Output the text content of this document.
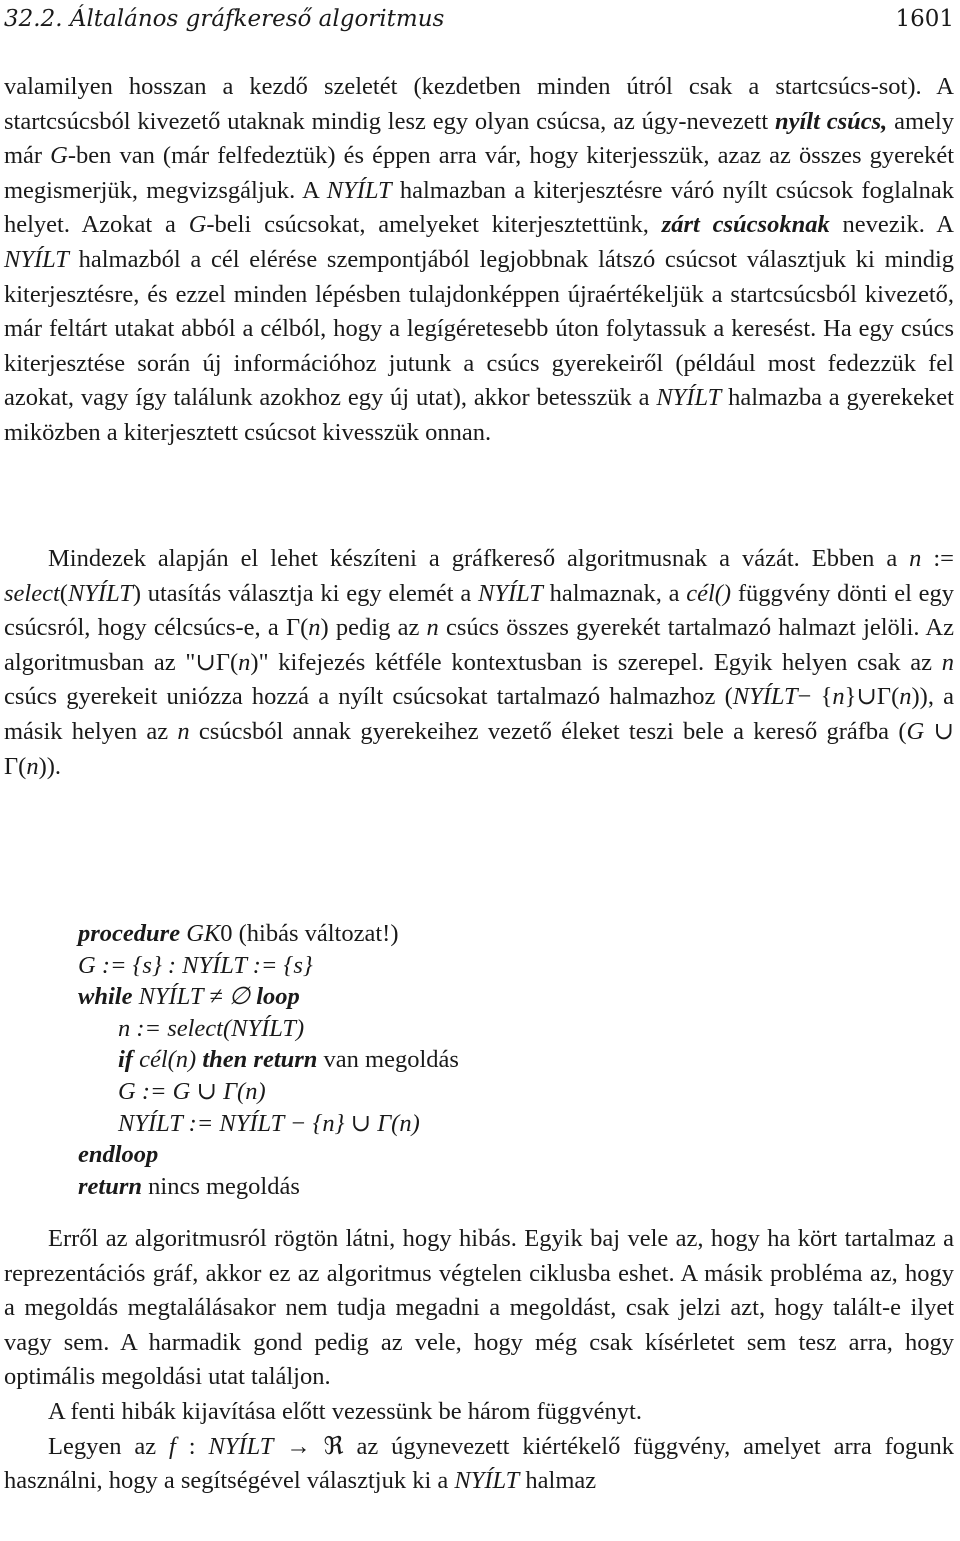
32.2. Általános gráfkereső algoritmus	1601

valamilyen hosszan a kezdő szeletét (kezdetben minden útról csak a startcsúcs-sot). A startcsúcsból kivezető utaknak mindig lesz egy olyan csúcsa, az úgy-nevezett nyílt csúcs, amely már G-ben van (már felfedeztük) és éppen arra vár, hogy kiterjesszük, azaz az összes gyerekét megismerjük, megvizsgáljuk. A NYÍLT halmazban a kiterjesztésre váró nyílt csúcsok foglalnak helyet. Azokat a G-beli csúcsokat, amelyeket kiterjesztettünk, zárt csúcsoknak nevezik. A NYÍLT halmazból a cél elérése szempontjából legjobbnak látszó csúcsot választjuk ki mindig kiterjesztésre, és ezzel minden lépésben tulajdonképpen újraértékeljük a startcsúcsból kivezető, már feltárt utakat abból a célból, hogy a legígéretesebb úton folytassuk a keresést. Ha egy csúcs kiterjesztése során új információhoz jutunk a csúcs gyerekeiről (például most fedezzük fel azokat, vagy így találunk azokhoz egy új utat), akkor betesszük a NYÍLT halmazba a gyerekeket miközben a kiterjesztett csúcsot kivesszük onnan.

Mindezek alapján el lehet készíteni a gráfkereső algoritmusnak a vázát. Ebben a n := select(NYÍLT) utasítás választja ki egy elemét a NYÍLT halmaznak, a cél() függvény dönti el egy csúcsról, hogy célcsúcs-e, a Γ(n) pedig az n csúcs összes gyerekét tartalmazó halmazt jelöli. Az algoritmusban az "∪Γ(n)" kifejezés kétféle kontextusban is szerepel. Egyik helyen csak az n csúcs gyerekeit uniózza hozzá a nyílt csúcsokat tartalmazó halmazhoz (NYÍLT− {n}∪Γ(n)), a másik helyen az n csúcsból annak gyerekeihez vezető éleket teszi bele a kereső gráfba (G ∪ Γ(n)).

procedure GK0 (hibás változat!)
G := {s} : NYÍLT := {s}
while NYÍLT ≠ ∅ loop
n := select(NYÍLT)
if cél(n) then return van megoldás
G := G ∪ Γ(n)
NYÍLT := NYÍLT − {n} ∪ Γ(n)
endloop
return nincs megoldás

Erről az algoritmusról rögtön látni, hogy hibás. Egyik baj vele az, hogy ha kört tartalmaz a reprezentációs gráf, akkor ez az algoritmus végtelen ciklusba eshet. A másik probléma az, hogy a megoldás megtalálásakor nem tudja megadni a megoldást, csak jelzi azt, hogy talált-e ilyet vagy sem. A harmadik gond pedig az vele, hogy még csak kísérletet sem tesz arra, hogy optimális megoldási utat találjon.

A fenti hibák kijavítása előtt vezessünk be három függvényt.

Legyen az f : NYÍLT → ℜ az úgynevezett kiértékelő függvény, amelyet arra fogunk használni, hogy a segítségével választjuk ki a NYÍLT halmaz
